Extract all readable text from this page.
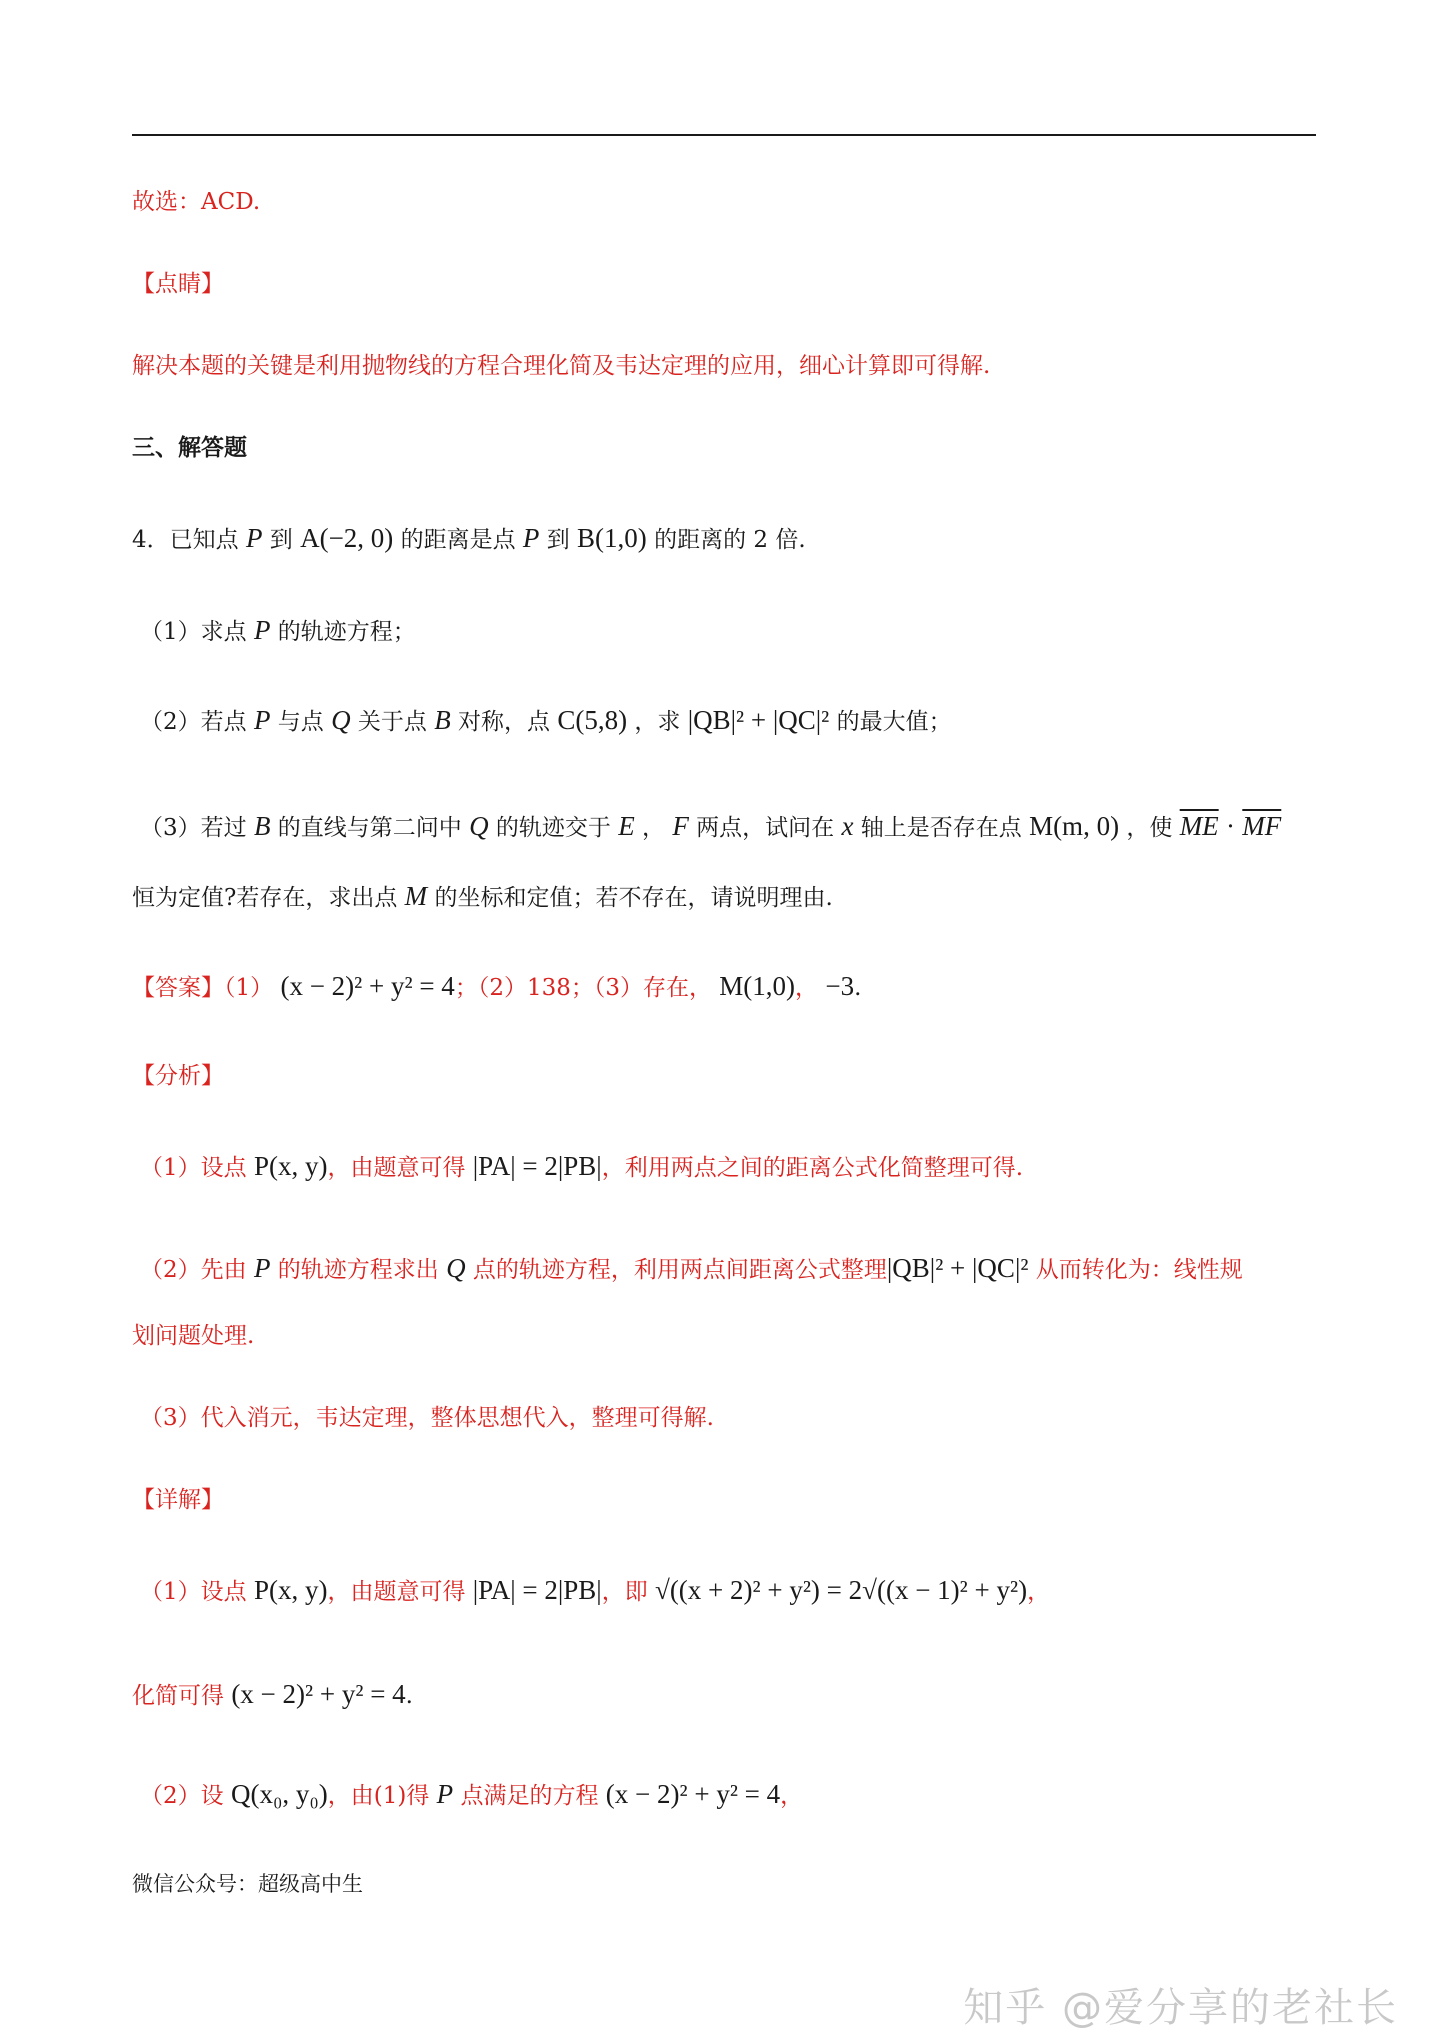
故选：ACD.
【点睛】
解决本题的关键是利用抛物线的方程合理化简及韦达定理的应用，细心计算即可得解.
三、解答题
4．已知点 P 到 A(−2, 0) 的距离是点 P 到 B(1,0) 的距离的 2 倍.
（1）求点 P 的轨迹方程；
（2）若点 P 与点 Q 关于点 B 对称，点 C(5,8) ，求 |QB|² + |QC|² 的最大值；
（3）若过 B 的直线与第二问中 Q 的轨迹交于 E ， F 两点，试问在 x 轴上是否存在点 M(m, 0) ，使 $\overline{ME} \cdot \overline{MF}$
恒为定值?若存在，求出点 M 的坐标和定值；若不存在，请说明理由.
【答案】（1） (x − 2)² + y² = 4；（2）138；（3）存在， M(1,0)， −3.
【分析】
（1）设点 P(x, y)，由题意可得 |PA| = 2|PB|，利用两点之间的距离公式化简整理可得.
（2）先由 P 的轨迹方程求出 Q 点的轨迹方程，利用两点间距离公式整理|QB|² + |QC|² 从而转化为：线性规
划问题处理.
（3）代入消元，韦达定理，整体思想代入，整理可得解.
【详解】
（1）设点 P(x, y)，由题意可得 |PA| = 2|PB|，即 √((x + 2)² + y²) = 2√((x − 1)² + y²)，
化简可得 (x − 2)² + y² = 4.
（2）设 Q(x₀, y₀)，由(1)得 P 点满足的方程 (x − 2)² + y² = 4，
微信公众号：超级高中生
知乎 @爱分享的老社长
